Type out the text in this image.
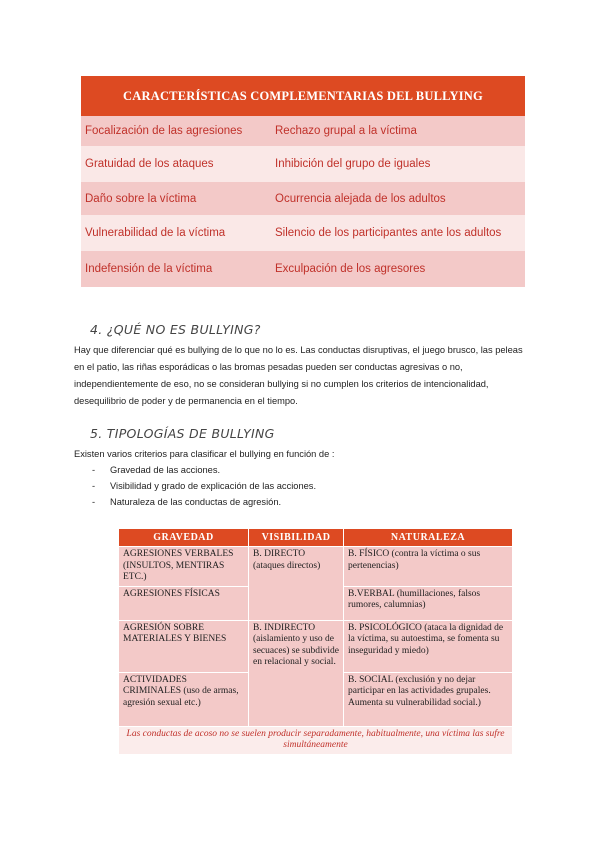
CARACTERÍSTICAS COMPLEMENTARIAS DEL BULLYING	
Focalización de las agresiones	Rechazo grupal a la víctima
Gratuidad de los ataques	Inhibición del grupo de iguales
Daño sobre la víctima	Ocurrencia alejada de los adultos
Vulnerabilidad de la víctima	Silencio de los participantes ante los adultos
Indefensión de la víctima	Exculpación de los agresores
4. ¿QUÉ NO ES BULLYING?

Hay que diferenciar qué es bullying de lo que no lo es. Las conductas disruptivas, el juego brusco, las peleas en el patio, las riñas esporádicas o las bromas pesadas pueden ser conductas agresivas o no, independientemente de eso, no se consideran bullying si no cumplen los criterios de intencionalidad, desequilibrio de poder y de permanencia en el tiempo.

5. TIPOLOGÍAS DE BULLYING

Existen varios criterios para clasificar el bullying en función de :

- Gravedad de las acciones.
- Visibilidad y grado de explicación de las acciones.
- Naturaleza de las conductas de agresión.
GRAVEDAD	VISIBILIDAD	NATURALEZA
AGRESIONES VERBALES (INSULTOS, MENTIRAS ETC.)	B. DIRECTO (ataques directos)	B. FÍSICO (contra la víctima o sus pertenencias)
AGRESIONES FÍSICAS		B.VERBAL (humillaciones, falsos rumores, calumnias)
AGRESIÓN SOBRE MATERIALES Y BIENES	B. INDIRECTO (aislamiento y uso de secuaces) se subdivide en relacional y social.	B. PSICOLÓGICO (ataca la dignidad de la víctima, su autoestima, se fomenta su inseguridad y miedo)
ACTIVIDADES CRIMINALES (uso de armas, agresión sexual etc.)		B. SOCIAL (exclusión y no dejar participar en las actividades grupales. Aumenta su vulnerabilidad social.)
Las conductas de acoso no se suelen producir separadamente, habitualmente, una víctima las sufre simultáneamente		
